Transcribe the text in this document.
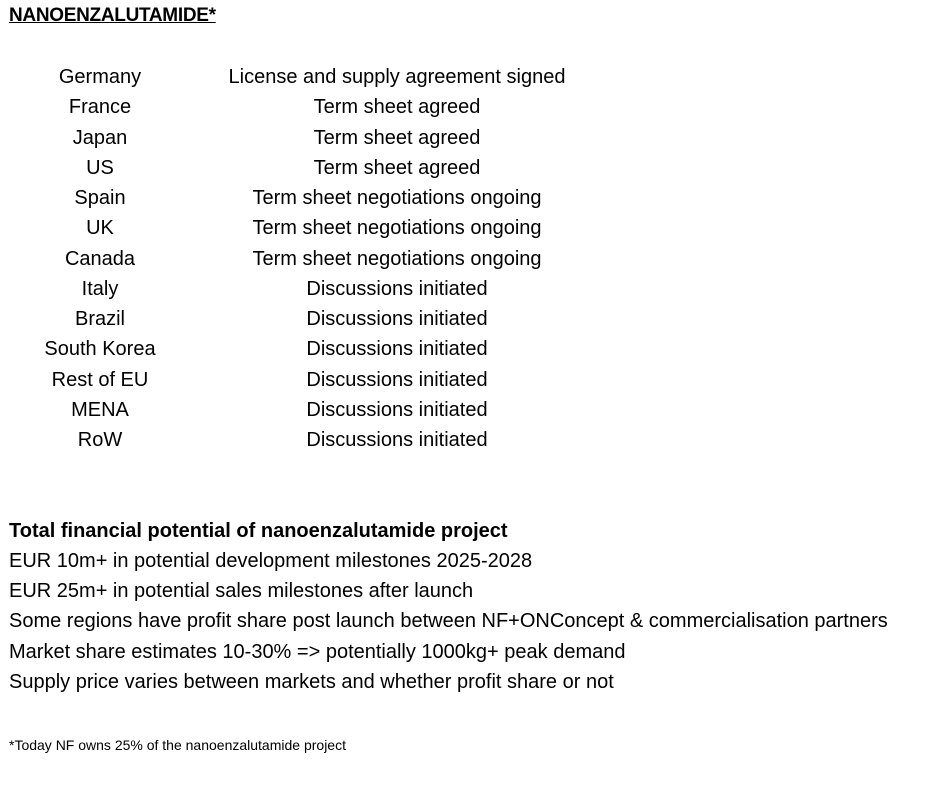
NANOENZALUTAMIDE*
Germany	License and supply agreement signed
France	Term sheet agreed
Japan	Term sheet agreed
US	Term sheet agreed
Spain	Term sheet negotiations ongoing
UK	Term sheet negotiations ongoing
Canada	Term sheet negotiations ongoing
Italy	Discussions initiated
Brazil	Discussions initiated
South Korea	Discussions initiated
Rest of EU	Discussions initiated
MENA	Discussions initiated
RoW	Discussions initiated
Total financial potential of nanoenzalutamide project
EUR 10m+ in potential development milestones 2025-2028
EUR 25m+ in potential sales milestones after launch
Some regions have profit share post launch between NF+ONConcept & commercialisation partners
Market share estimates 10-30% => potentially 1000kg+ peak demand
Supply price varies between markets and whether profit share or not
*Today NF owns 25% of the nanoenzalutamide project
